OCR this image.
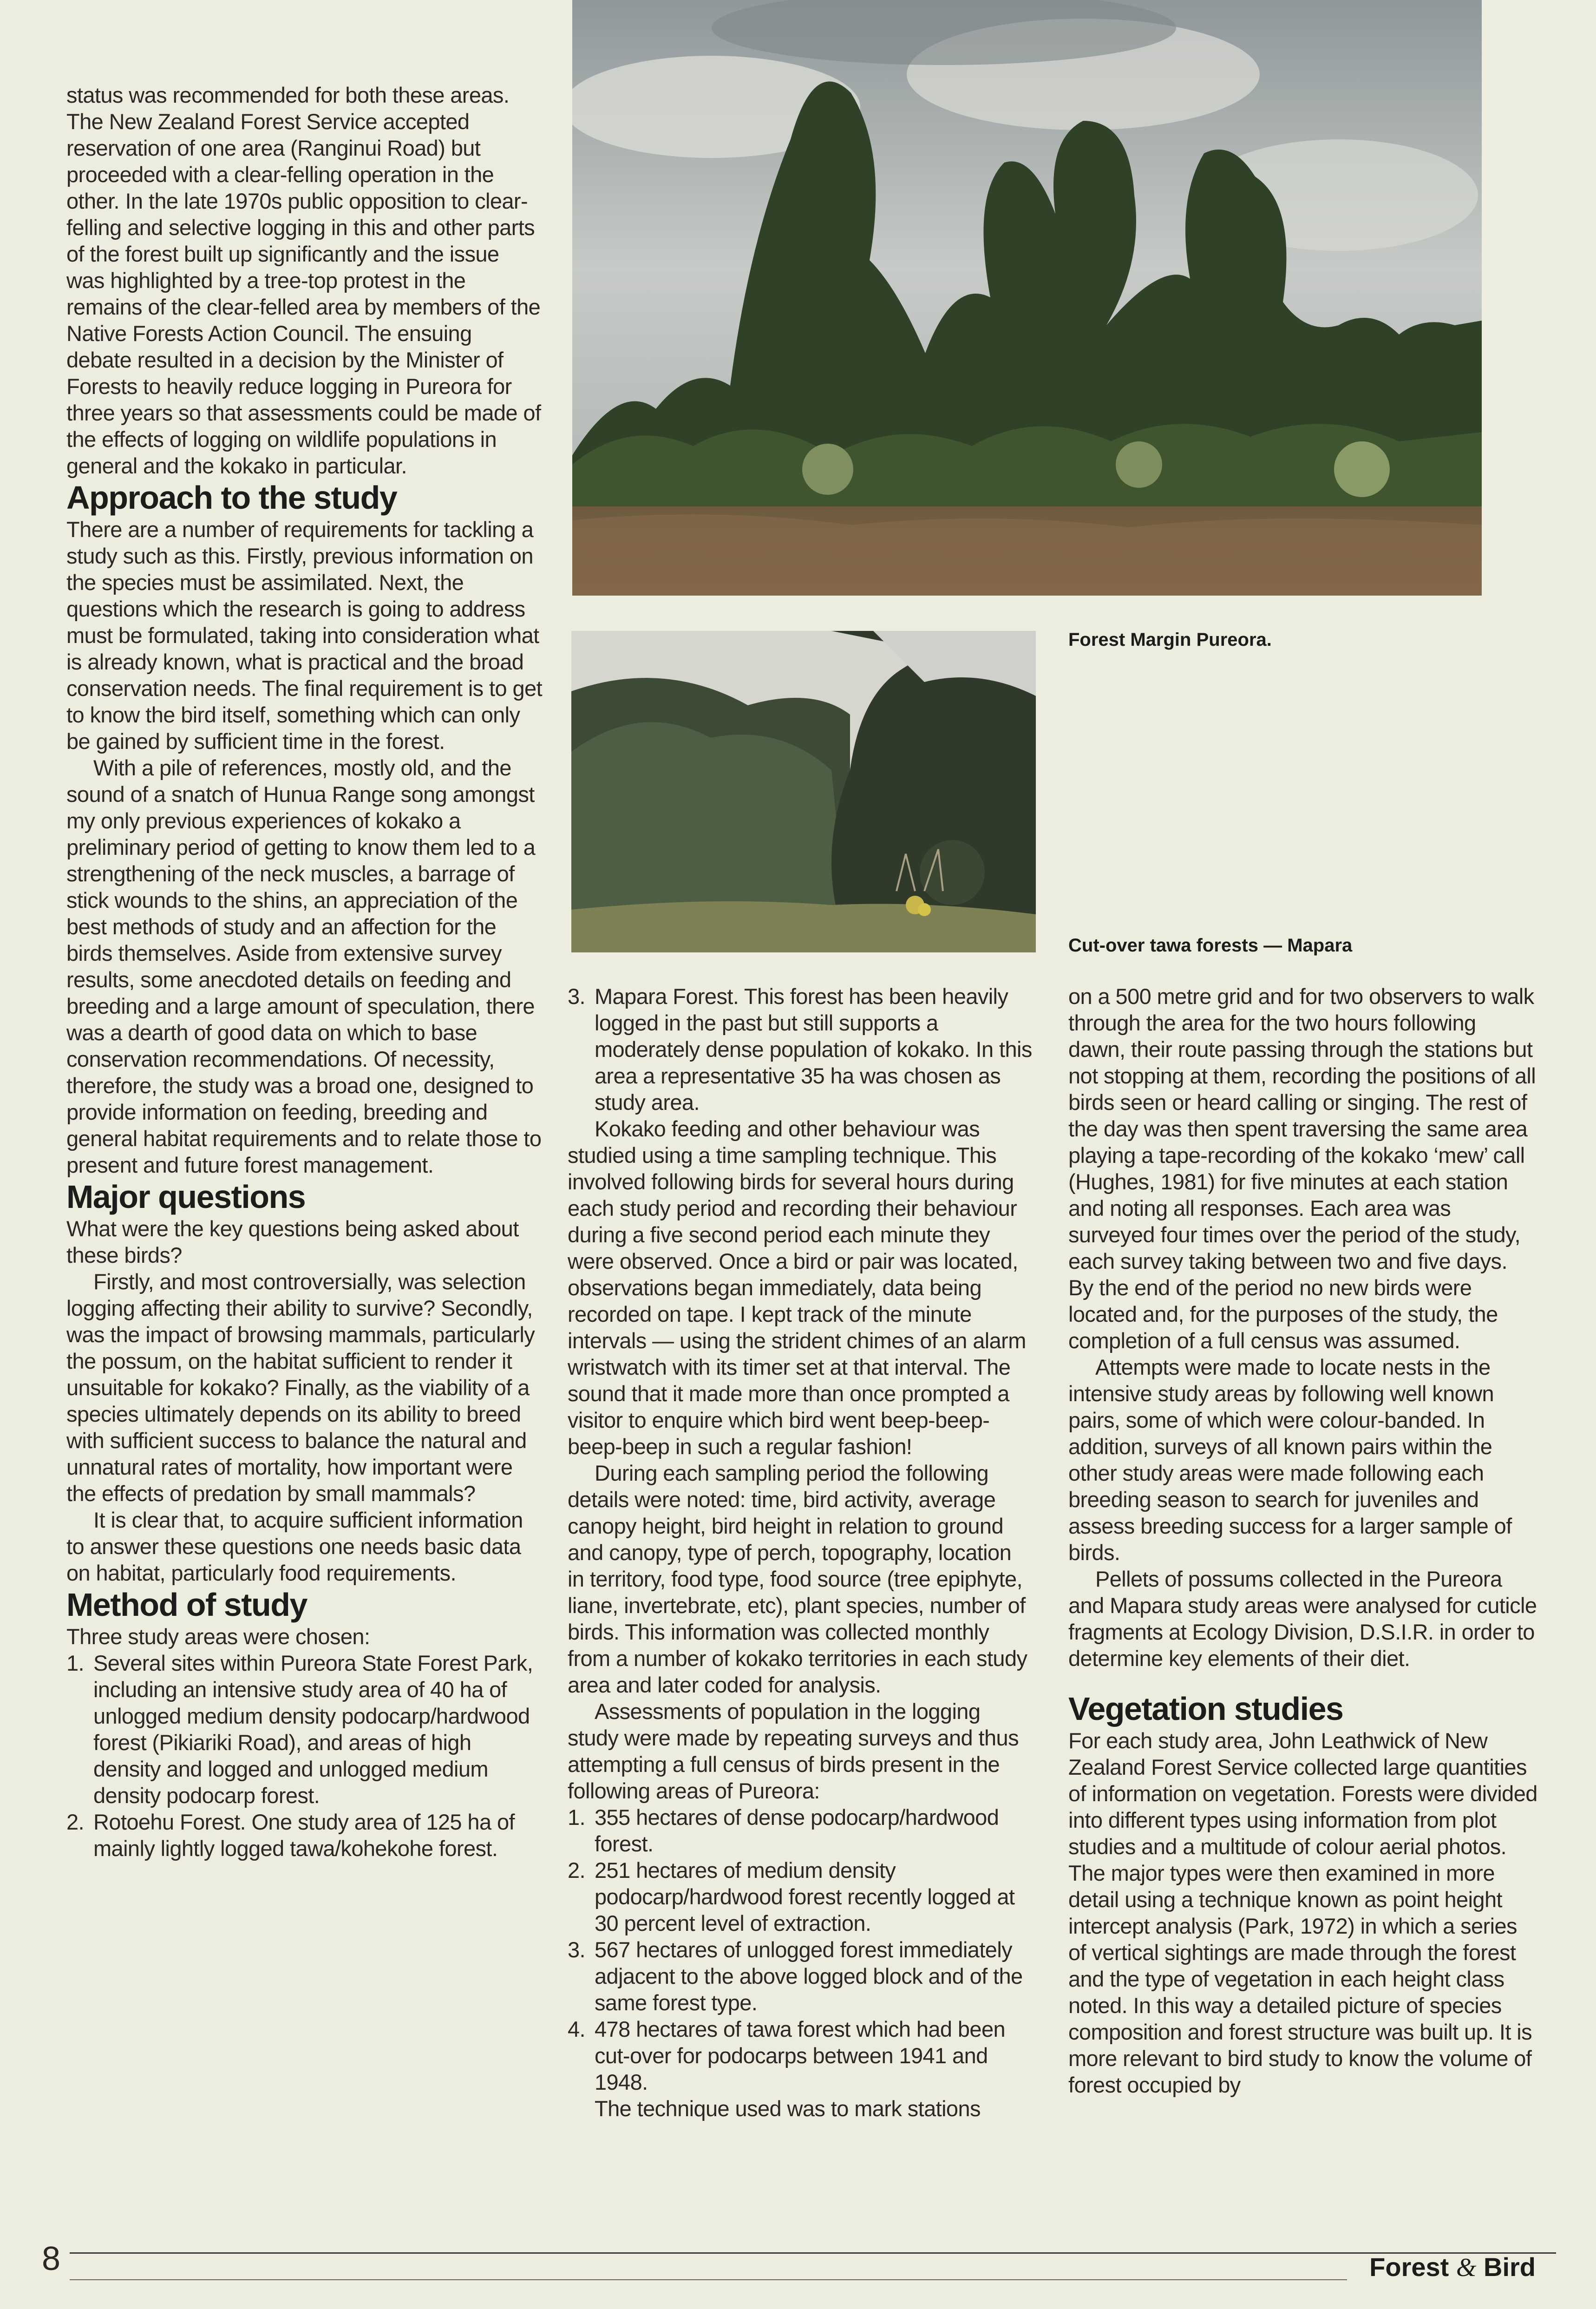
Forest Margin Pureora.
Cut-over tawa forests — Mapara

status was recommended for both these areas. The New Zealand Forest Service accepted reservation of one area (Ranginui Road) but proceeded with a clear-felling operation in the other. In the late 1970s public opposition to clear-felling and selective logging in this and other parts of the forest built up significantly and the issue was highlighted by a tree-top protest in the remains of the clear-felled area by members of the Native Forests Action Council. The ensuing debate resulted in a decision by the Minister of Forests to heavily reduce logging in Pureora for three years so that assessments could be made of the effects of logging on wildlife populations in general and the kokako in particular.

Approach to the study

There are a number of requirements for tackling a study such as this. Firstly, previous information on the species must be assimilated. Next, the questions which the research is going to address must be formulated, taking into consideration what is already known, what is practical and the broad conservation needs. The final requirement is to get to know the bird itself, something which can only be gained by sufficient time in the forest.

With a pile of references, mostly old, and the sound of a snatch of Hunua Range song amongst my only previous experiences of kokako a preliminary period of getting to know them led to a strengthening of the neck muscles, a barrage of stick wounds to the shins, an appreciation of the best methods of study and an affection for the birds themselves. Aside from extensive survey results, some anecdoted details on feeding and breeding and a large amount of speculation, there was a dearth of good data on which to base conservation recommendations. Of necessity, therefore, the study was a broad one, designed to provide information on feeding, breeding and general habitat requirements and to relate those to present and future forest management.

Major questions

What were the key questions being asked about these birds?

Firstly, and most controversially, was selection logging affecting their ability to survive? Secondly, was the impact of browsing mammals, particularly the possum, on the habitat sufficient to render it unsuitable for kokako? Finally, as the viability of a species ultimately depends on its ability to breed with sufficient success to balance the natural and unnatural rates of mortality, how important were the effects of predation by small mammals?

It is clear that, to acquire sufficient information to answer these questions one needs basic data on habitat, particularly food requirements.

Method of study

Three study areas were chosen:

1. Several sites within Pureora State Forest Park, including an intensive study area of 40 ha of unlogged medium density podocarp/hardwood forest (Pikiariki Road), and areas of high density and logged and unlogged medium density podocarp forest.
2. Rotoehu Forest. One study area of 125 ha of mainly lightly logged tawa/kohekohe forest.
3. Mapara Forest. This forest has been heavily logged in the past but still supports a moderately dense population of kokako. In this area a representative 35 ha was chosen as study area.

Kokako feeding and other behaviour was studied using a time sampling technique. This involved following birds for several hours during each study period and recording their behaviour during a five second period each minute they were observed. Once a bird or pair was located, observations began immediately, data being recorded on tape. I kept track of the minute intervals — using the strident chimes of an alarm wristwatch with its timer set at that interval. The sound that it made more than once prompted a visitor to enquire which bird went beep-beep-beep-beep in such a regular fashion!

During each sampling period the following details were noted: time, bird activity, average canopy height, bird height in relation to ground and canopy, type of perch, topography, location in territory, food type, food source (tree epiphyte, liane, invertebrate, etc), plant species, number of birds. This information was collected monthly from a number of kokako territories in each study area and later coded for analysis.

Assessments of population in the logging study were made by repeating surveys and thus attempting a full census of birds present in the following areas of Pureora:

1. 355 hectares of dense podocarp/hardwood forest.
2. 251 hectares of medium density podocarp/hardwood forest recently logged at 30 percent level of extraction.
3. 567 hectares of unlogged forest immediately adjacent to the above logged block and of the same forest type.
4. 478 hectares of tawa forest which had been cut-over for podocarps between 1941 and 1948.

The technique used was to mark stations

on a 500 metre grid and for two observers to walk through the area for the two hours following dawn, their route passing through the stations but not stopping at them, recording the positions of all birds seen or heard calling or singing. The rest of the day was then spent traversing the same area playing a tape-recording of the kokako ‘mew’ call (Hughes, 1981) for five minutes at each station and noting all responses. Each area was surveyed four times over the period of the study, each survey taking between two and five days. By the end of the period no new birds were located and, for the purposes of the study, the completion of a full census was assumed.

Attempts were made to locate nests in the intensive study areas by following well known pairs, some of which were colour-banded. In addition, surveys of all known pairs within the other study areas were made following each breeding season to search for juveniles and assess breeding success for a larger sample of birds.

Pellets of possums collected in the Pureora and Mapara study areas were analysed for cuticle fragments at Ecology Division, D.S.I.R. in order to determine key elements of their diet.

Vegetation studies

For each study area, John Leathwick of New Zealand Forest Service collected large quantities of information on vegetation. Forests were divided into different types using information from plot studies and a multitude of colour aerial photos. The major types were then examined in more detail using a technique known as point height intercept analysis (Park, 1972) in which a series of vertical sightings are made through the forest and the type of vegetation in each height class noted. In this way a detailed picture of species composition and forest structure was built up. It is more relevant to bird study to know the volume of forest occupied by

8	Forest & Bird
